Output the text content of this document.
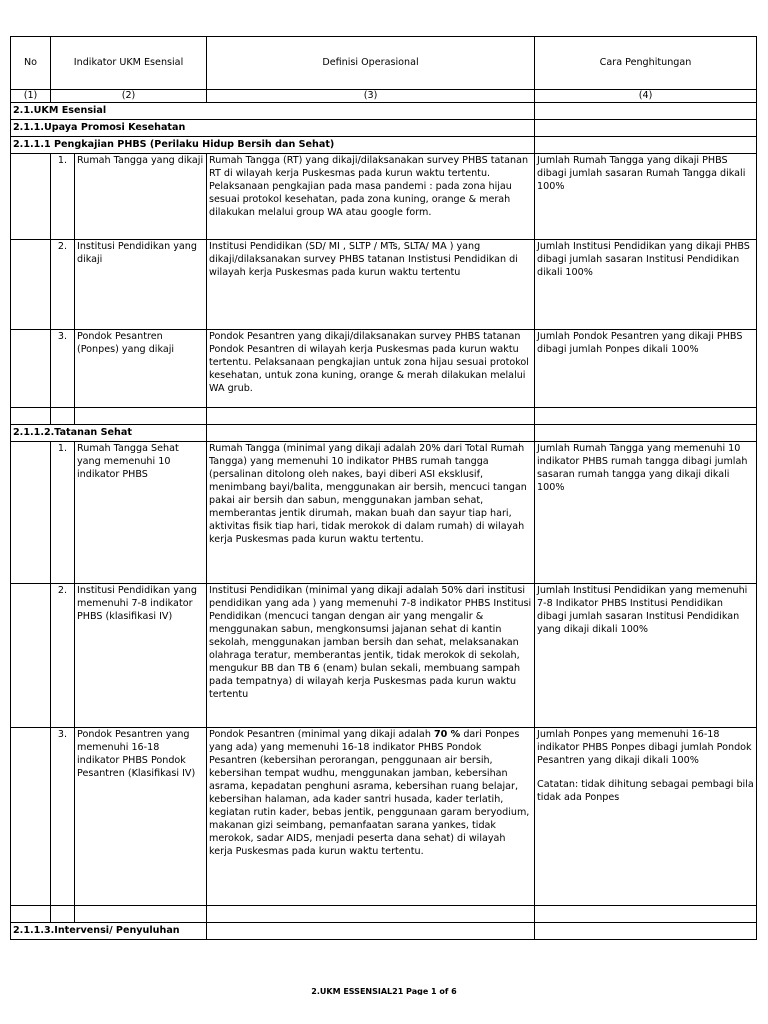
No	Indikator UKM Esensial		Definisi Operasional	Cara Penghitungan
(1)	(2)		(3)	(4)
2.1.UKM Esensial				
2.1.1.Upaya Promosi Kesehatan				
2.1.1.1 Pengkajian PHBS (Perilaku Hidup Bersih dan Sehat)				
	1.	Rumah Tangga yang dikaji	Rumah Tangga (RT) yang dikaji/dilaksanakan survey PHBS tatanan RT di wilayah kerja Puskesmas pada kurun waktu tertentu. Pelaksanaan pengkajian pada masa pandemi : pada zona hijau sesuai protokol kesehatan, pada zona kuning, orange & merah dilakukan melalui group WA atau google form.	Jumlah Rumah Tangga yang dikaji PHBS dibagi jumlah sasaran Rumah Tangga dikali 100%
	2.	Institusi Pendidikan yang dikaji	Institusi Pendidikan (SD/ MI , SLTP / MTs, SLTA/ MA ) yang dikaji/dilaksanakan survey PHBS tatanan Instistusi Pendidikan di wilayah kerja Puskesmas pada kurun waktu tertentu	Jumlah Institusi Pendidikan yang dikaji PHBS dibagi jumlah sasaran Institusi Pendidikan dikali 100%
	3.	Pondok Pesantren (Ponpes) yang dikaji	Pondok Pesantren yang dikaji/dilaksanakan survey PHBS tatanan Pondok Pesantren di wilayah kerja Puskesmas pada kurun waktu tertentu. Pelaksanaan pengkajian untuk zona hijau sesuai protokol kesehatan, untuk zona kuning, orange & merah dilakukan melalui WA grub.	Jumlah Pondok Pesantren yang dikaji PHBS dibagi jumlah Ponpes dikali 100%

2.1.1.2.Tatanan Sehat				
	1.	Rumah Tangga Sehat yang memenuhi 10 indikator PHBS	Rumah Tangga (minimal yang dikaji adalah 20% dari Total Rumah Tangga) yang memenuhi 10 indikator PHBS rumah tangga (persalinan ditolong oleh nakes, bayi diberi ASI eksklusif, menimbang bayi/balita, menggunakan air bersih, mencuci tangan pakai air bersih dan sabun, menggunakan jamban sehat, memberantas jentik dirumah, makan buah dan sayur tiap hari, aktivitas fisik tiap hari, tidak merokok di dalam rumah) di wilayah kerja Puskesmas pada kurun waktu tertentu.	Jumlah Rumah Tangga yang memenuhi 10 indikator PHBS rumah tangga dibagi jumlah sasaran rumah tangga yang dikaji dikali 100%
	2.	Institusi Pendidikan yang memenuhi 7-8 indikator PHBS (klasifikasi IV)	Institusi Pendidikan (minimal yang dikaji adalah 50% dari institusi pendidikan yang ada ) yang memenuhi 7-8 indikator PHBS Institusi Pendidikan (mencuci tangan dengan air yang mengalir & menggunakan sabun, mengkonsumsi jajanan sehat di kantin sekolah, menggunakan jamban bersih dan sehat, melaksanakan olahraga teratur, memberantas jentik, tidak merokok di sekolah, mengukur BB dan TB 6 (enam) bulan sekali, membuang sampah pada tempatnya) di wilayah kerja Puskesmas pada kurun waktu tertentu	Jumlah Institusi Pendidikan yang memenuhi 7-8 Indikator PHBS Institusi Pendidikan dibagi jumlah sasaran Institusi Pendidikan yang dikaji dikali 100%
	3.	Pondok Pesantren yang memenuhi 16-18 indikator PHBS Pondok Pesantren (Klasifikasi IV)	Pondok Pesantren (minimal yang dikaji adalah 70 % dari Ponpes yang ada) yang memenuhi 16-18 indikator PHBS Pondok Pesantren (kebersihan perorangan, penggunaan air bersih, kebersihan tempat wudhu, menggunakan jamban, kebersihan asrama, kepadatan penghuni asrama, kebersihan ruang belajar, kebersihan halaman, ada kader santri husada, kader terlatih, kegiatan rutin kader, bebas jentik, penggunaan garam beryodium, makanan gizi seimbang, pemanfaatan sarana yankes, tidak merokok, sadar AIDS, menjadi peserta dana sehat) di wilayah kerja Puskesmas pada kurun waktu tertentu.	Jumlah Ponpes yang memenuhi 16-18 indikator PHBS Ponpes dibagi jumlah Pondok Pesantren yang dikaji dikali 100%
Catatan: tidak dihitung sebagai pembagi bila tidak ada Ponpes

2.1.1.3.Intervensi/ Penyuluhan				
2.UKM ESSENSIAL21 Page 1 of 6
